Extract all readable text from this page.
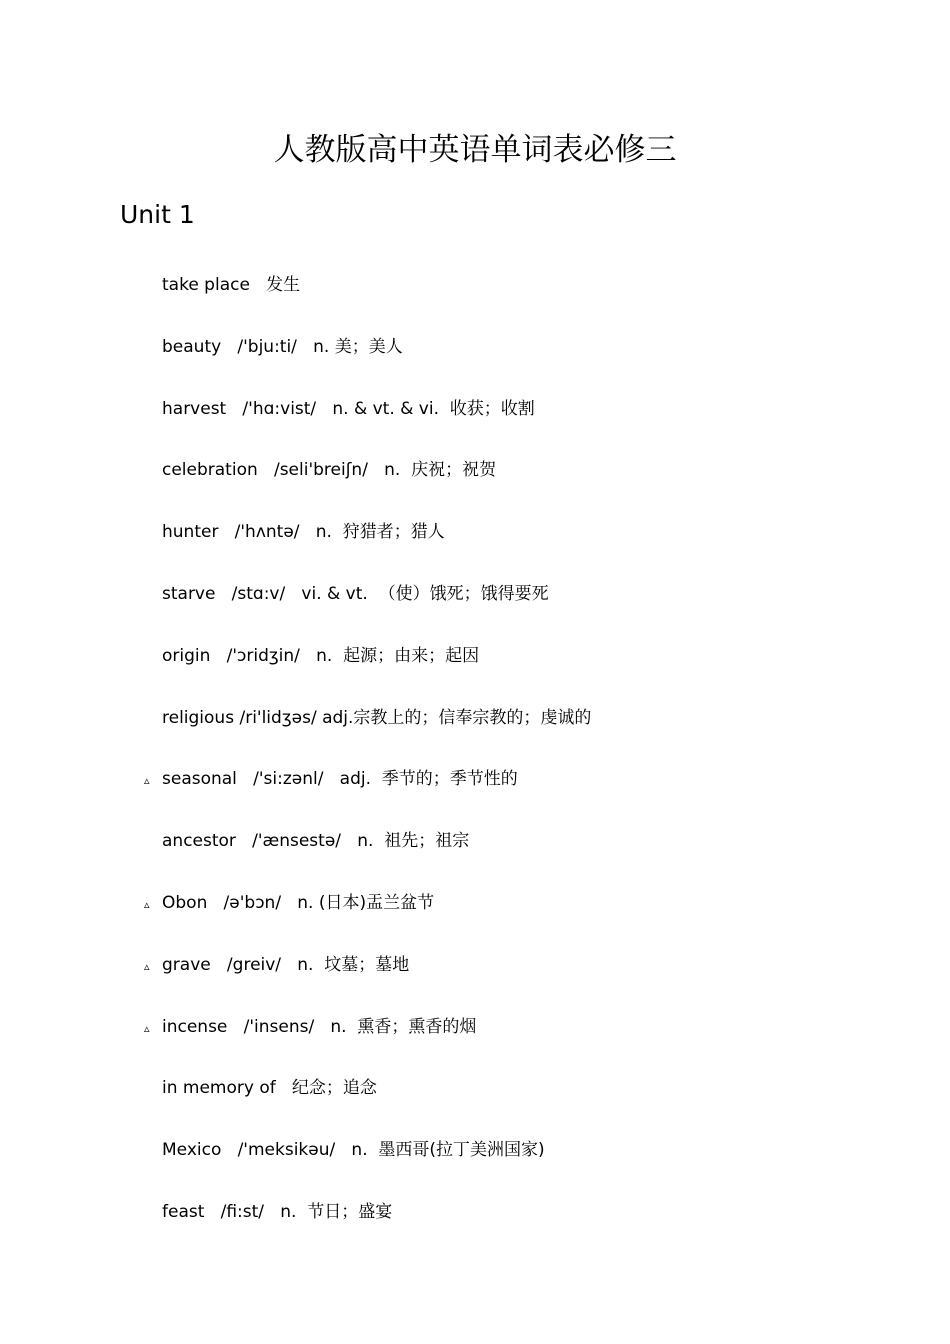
人教版高中英语单词表必修三
Unit 1
take place   发生
beauty   /'bju:ti/   n. 美；美人
harvest   /'hɑ:vist/   n. & vt. & vi.  收获；收割
celebration   /seli'breiʃn/   n.  庆祝；祝贺
hunter   /'hʌntə/   n.  狩猎者；猎人
starve   /stɑ:v/   vi. & vt.  （使）饿死；饿得要死
origin   /'ɔridʒin/   n.  起源；由来；起因
religious /ri'lidʒəs/ adj.宗教上的；信奉宗教的；虔诚的
▵ seasonal   /'si:zənl/   adj.  季节的；季节性的
ancestor   /'ænsestə/   n.  祖先；祖宗
▵ Obon   /ə'bɔn/   n. (日本)盂兰盆节
▵ grave   /greiv/   n.  坟墓；墓地
▵ incense   /'insens/   n.  熏香；熏香的烟
in memory of   纪念；追念
Mexico   /'meksikəu/   n.  墨西哥(拉丁美洲国家)
feast   /fi:st/   n.  节日；盛宴
